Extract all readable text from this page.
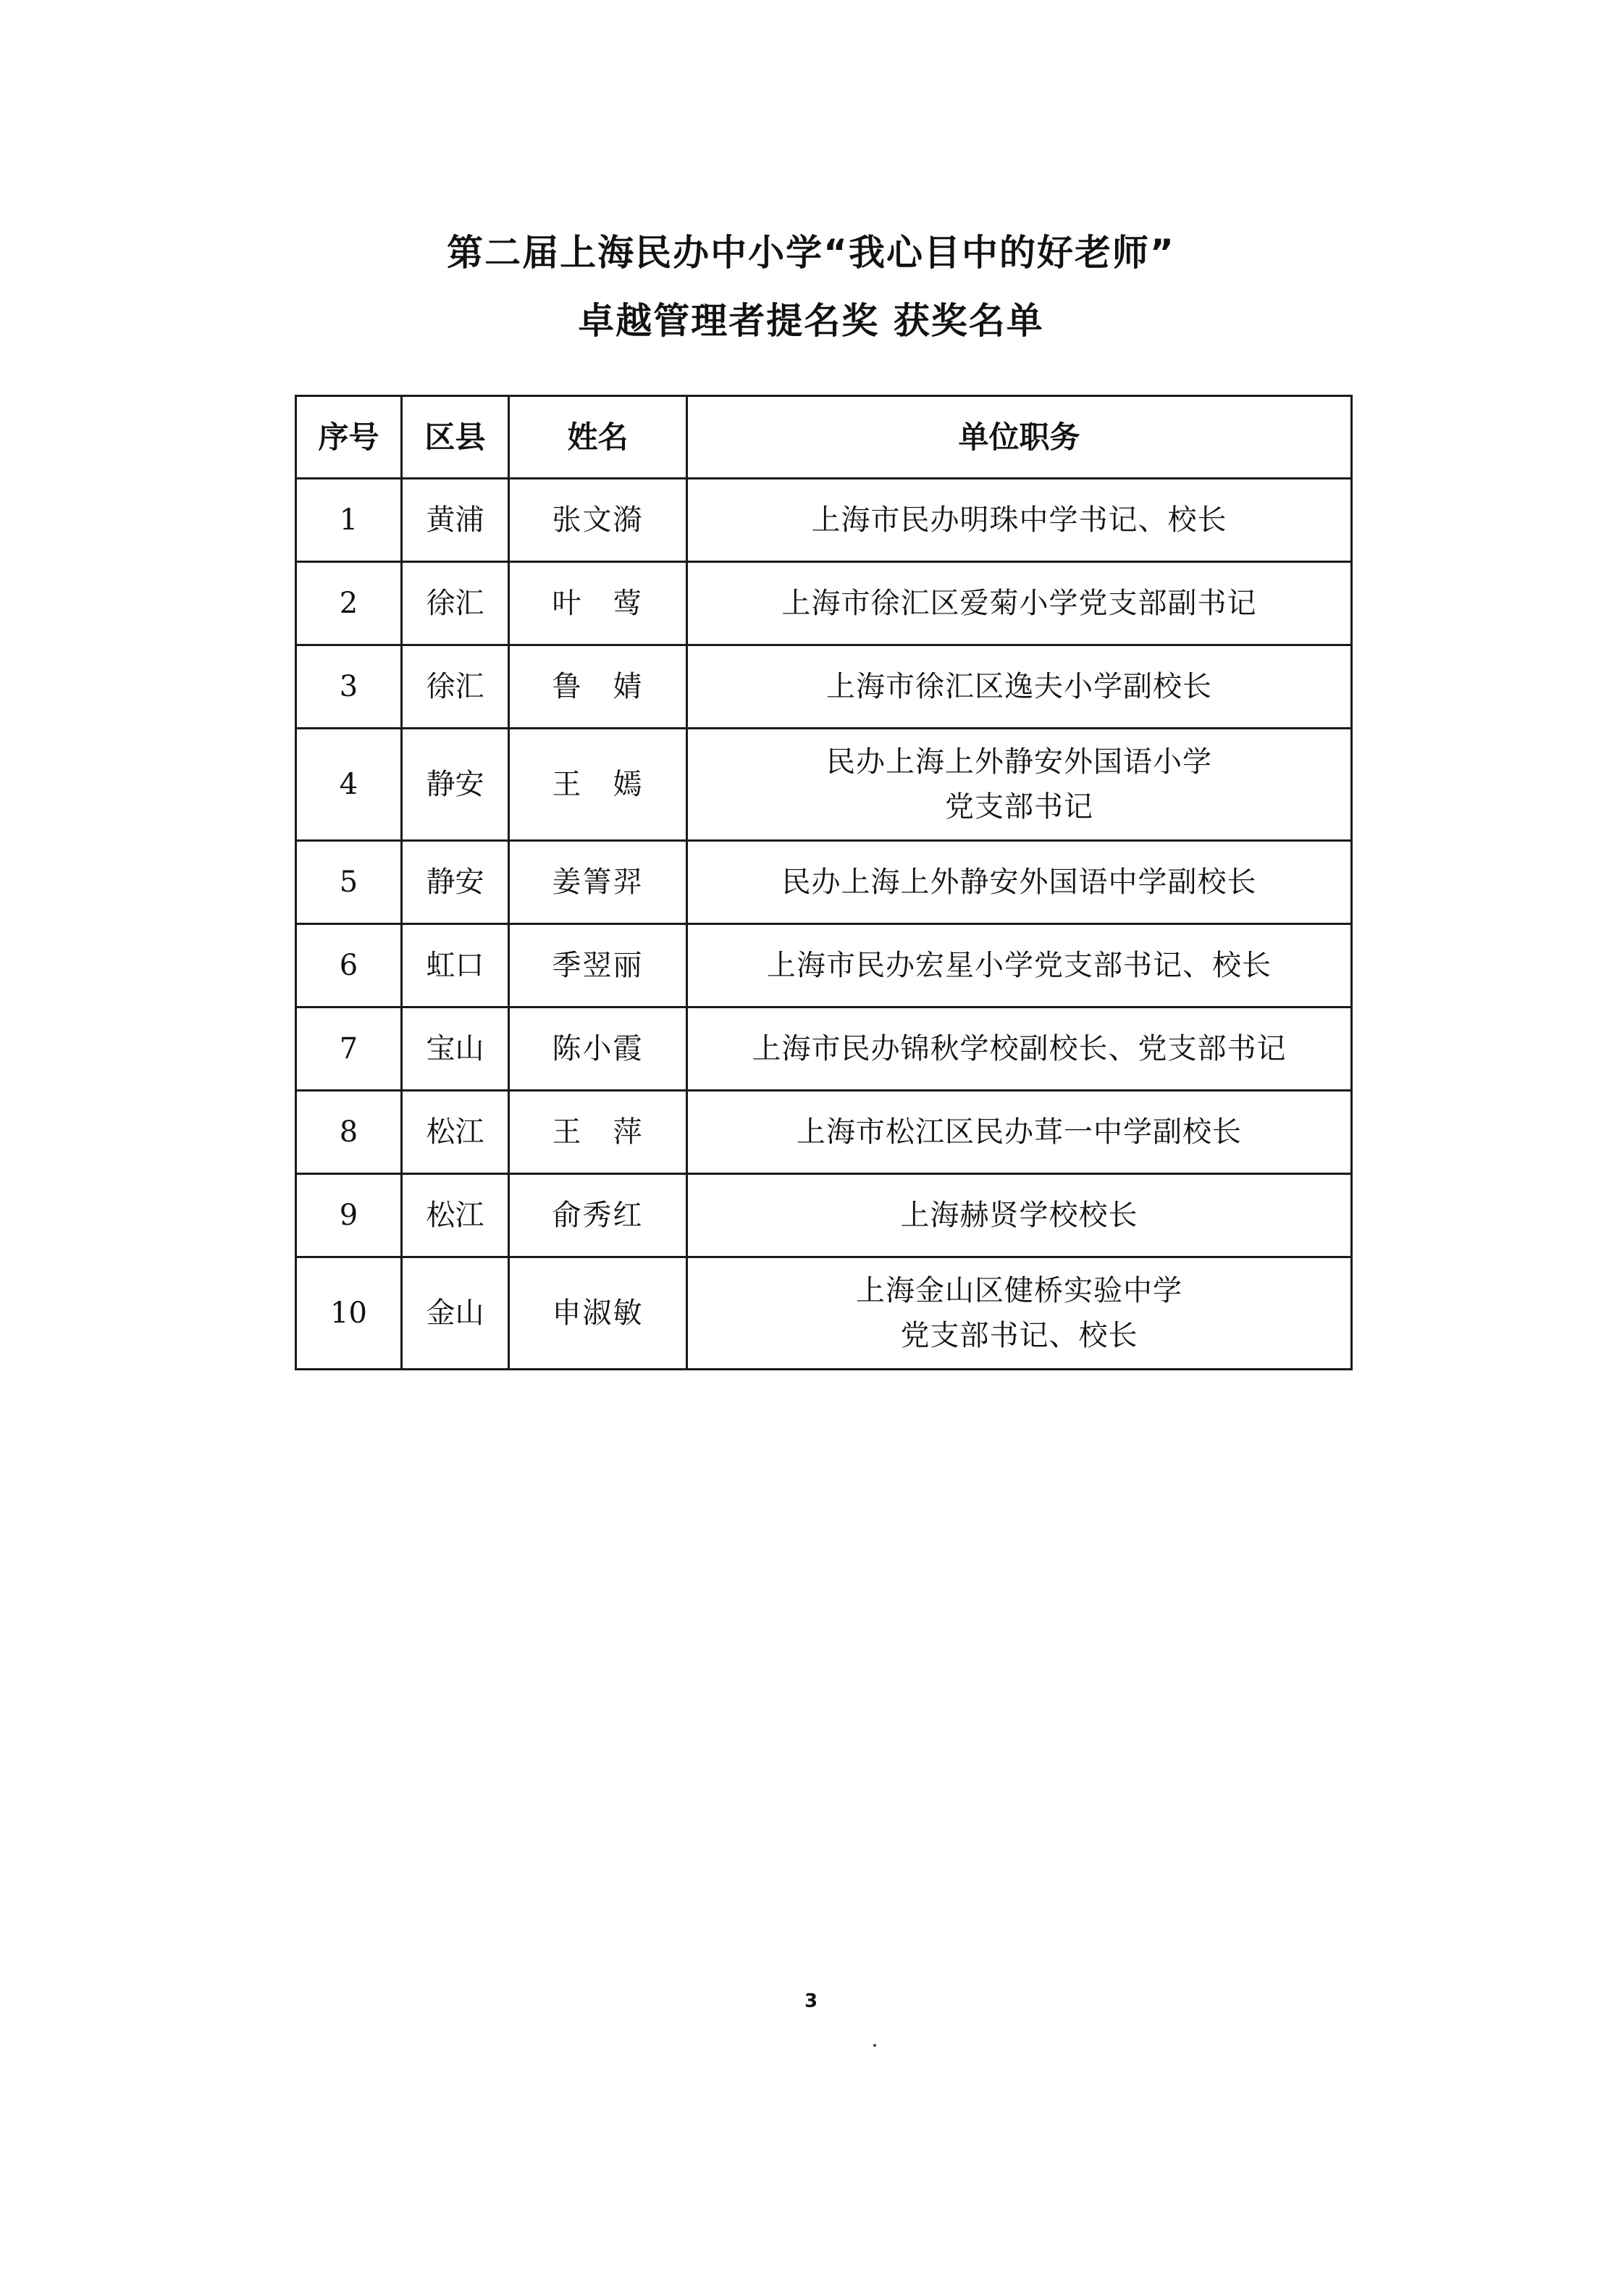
第二届上海民办中小学“我心目中的好老师”
卓越管理者提名奖 获奖名单
序号	区县	姓名	单位职务
1	黄浦	张文漪	上海市民办明珠中学书记、校长

2	徐汇	叶　莺	上海市徐汇区爱菊小学党支部副书记

3	徐汇	鲁　婧	上海市徐汇区逸夫小学副校长

4	静安	王　嫣	民办上海上外静安外国语小学
党支部书记

5	静安	姜箐羿	民办上海上外静安外国语中学副校长

6	虹口	季翌丽	上海市民办宏星小学党支部书记、校长

7	宝山	陈小霞	上海市民办锦秋学校副校长、党支部书记

8	松江	王　萍	上海市松江区民办茸一中学副校长

9	松江	俞秀红	上海赫贤学校校长

10	金山	申淑敏	上海金山区健桥实验中学
党支部书记、校长
3
